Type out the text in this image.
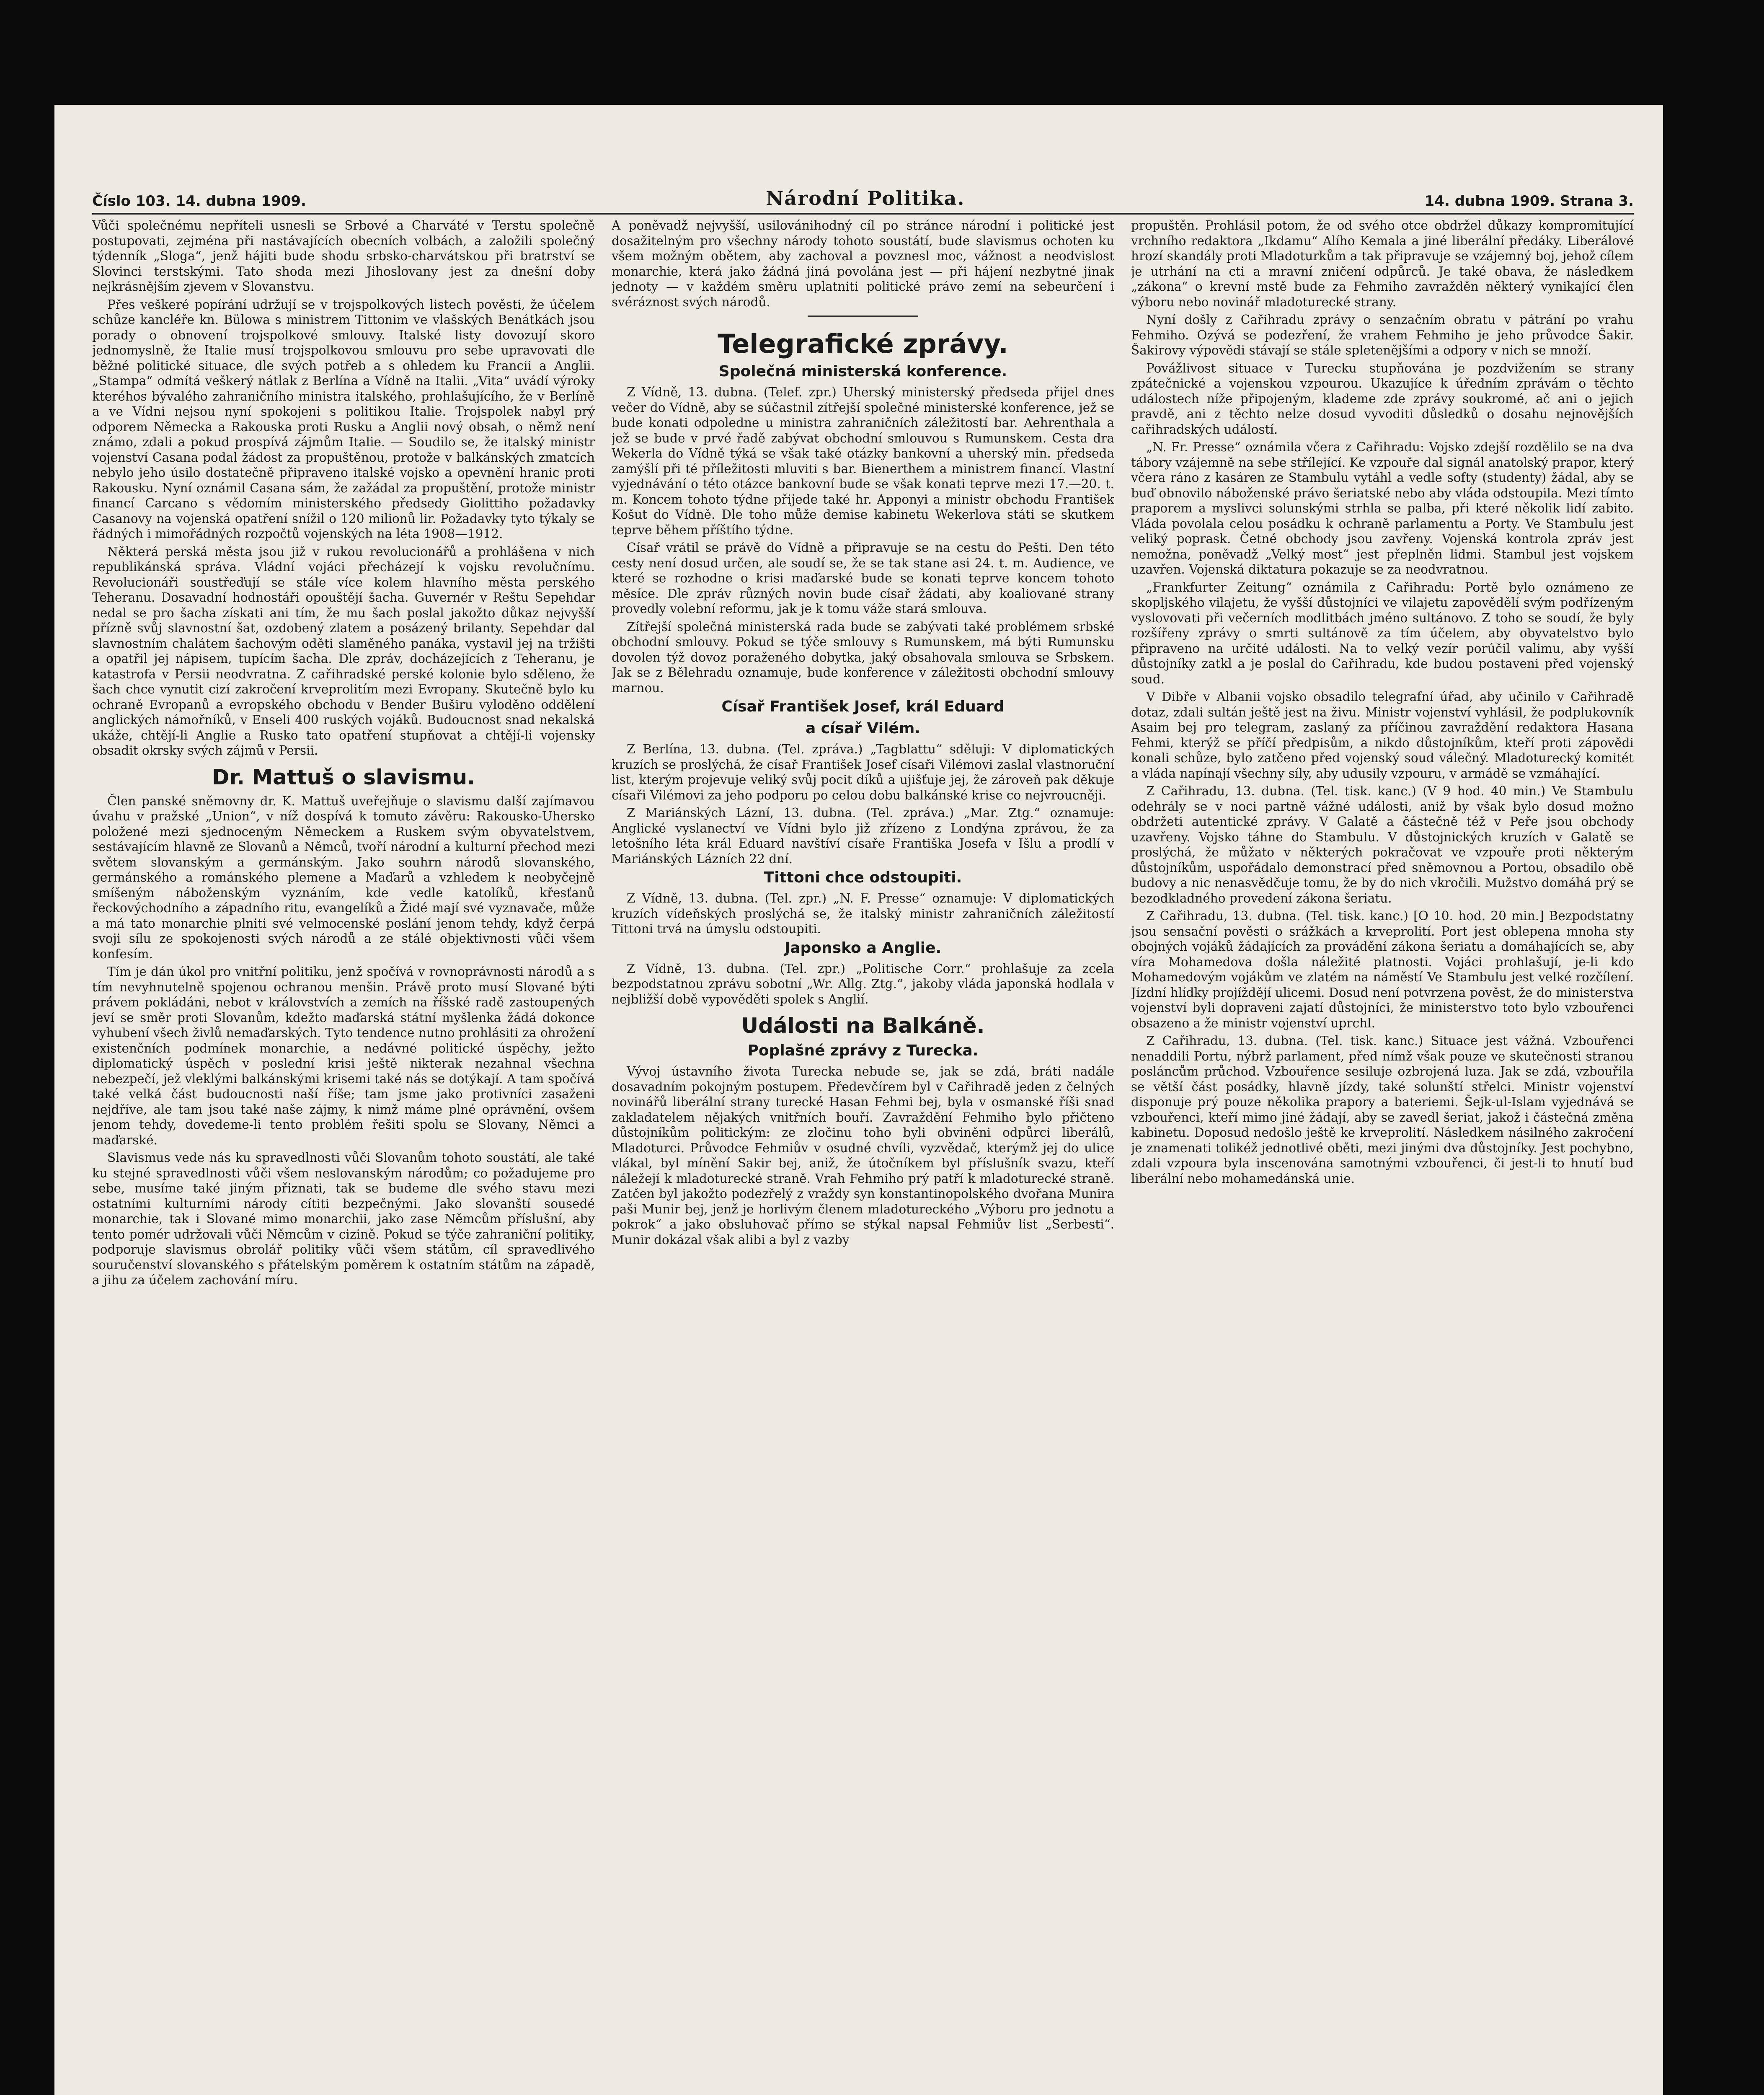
Číslo 103. 14. dubna 1909.	Národní Politika.	14. dubna 1909. Strana 3.

Vůči společnému nepříteli usnesli se Srbové a Charváté v Terstu společně postupovati, zejména při nastávajících obecních volbách, a založili společný týdenník „Sloga“, jenž hájiti bude shodu srbsko-charvátskou při bratrství se Slovinci terstskými. Tato shoda mezi Jihoslovany jest za dnešní doby nejkrásnějším zjevem v Slovanstvu.

Přes veškeré popírání udržují se v trojspolkových listech pověsti, že účelem schůze kancléře kn. Bülowa s ministrem Tittonim ve vlašských Benátkách jsou porady o obnovení trojspolkové smlouvy. Italské listy dovozují skoro jednomyslně, že Italie musí trojspolkovou smlouvu pro sebe upravovati dle běžné politické situace, dle svých potřeb a s ohledem ku Francii a Anglii. „Stampa“ odmítá veškerý nátlak z Berlína a Vídně na Italii. „Vita“ uvádí výroky kteréhos bývalého zahraničního ministra italského, prohlašujícího, že v Berlíně a ve Vídni nejsou nyní spokojeni s politikou Italie. Trojspolek nabyl prý odporem Německa a Rakouska proti Rusku a Anglii nový obsah, o němž není známo, zdali a pokud prospívá zájmům Italie. — Soudilo se, že italský ministr vojenství Casana podal žádost za propuštěnou, protože v balkánských zmatcích nebylo jeho úsilo dostatečně připraveno italské vojsko a opevnění hranic proti Rakousku. Nyní oznámil Casana sám, že zažádal za propuštění, protože ministr financí Carcano s vědomím ministerského předsedy Giolittiho požadavky Casanovy na vojenská opatření snížil o 120 milionů lir. Požadavky tyto týkaly se řádných i mimořádných rozpočtů vojenských na léta 1908—1912.

Některá perská města jsou již v rukou revolucionářů a prohlášena v nich republikánská správa. Vládní vojáci přecházejí k vojsku revolučnímu. Revolucionáři soustřeďují se stále více kolem hlavního města perského Teheranu. Dosavadní hodnostáři opouštějí šacha. Guvernér v Reštu Sepehdar nedal se pro šacha získati ani tím, že mu šach poslal jakožto důkaz nejvyšší přízně svůj slavnostní šat, ozdobený zlatem a posázený brilanty. Sepehdar dal slavnostním chalátem šachovým oděti slaměného panáka, vystavil jej na tržišti a opatřil jej nápisem, tupícím šacha. Dle zpráv, docházejících z Teheranu, je katastrofa v Persii neodvratna. Z cařihradské perské kolonie bylo sděleno, že šach chce vynutit cizí zakročení krveprolitím mezi Evropany. Skutečně bylo ku ochraně Evropanů a evropského obchodu v Bender Buširu vyloděno oddělení anglických námořníků, v Enseli 400 ruských vojáků. Budoucnost snad nekalská ukáže, chtějí-li Anglie a Rusko tato opatření stupňovat a chtějí-li vojensky obsadit okrsky svých zájmů v Persii.

Dr. Mattuš o slavismu.

Člen panské sněmovny dr. K. Mattuš uveřejňuje o slavismu další zajímavou úvahu v pražské „Union“, v níž dospívá k tomuto závěru: Rakousko-Uhersko položené mezi sjednoceným Německem a Ruskem svým obyvatelstvem, sestávajícím hlavně ze Slovanů a Němců, tvoří národní a kulturní přechod mezi světem slovanským a germánským. Jako souhrn národů slovanského, germánského a románského plemene a Maďarů a vzhledem k neobyčejně smíšeným náboženským vyznáním, kde vedle katolíků, křesťanů řeckovýchodního a západního ritu, evangelíků a Židé mají své vyznavače, může a má tato monarchie plniti své velmocenské poslání jenom tehdy, když čerpá svoji sílu ze spokojenosti svých národů a ze stálé objektivnosti vůči všem konfesím.

Tím je dán úkol pro vnitřní politiku, jenž spočívá v rovnoprávnosti národů a s tím nevyhnutelně spojenou ochranou menšin. Právě proto musí Slované býti právem pokládáni, nebot v královstvích a zemích na říšské radě zastoupených jeví se směr proti Slovanům, kdežto maďarská státní myšlenka žádá dokonce vyhubení všech živlů nemaďarských. Tyto tendence nutno prohlásiti za ohrožení existenčních podmínek monarchie, a nedávné politické úspěchy, ježto diplomatický úspěch v poslední krisi ještě nikterak nezahnal všechna nebezpečí, jež vleklými balkánskými krisemi také nás se dotýkají. A tam spočívá také velká část budoucnosti naší říše; tam jsme jako protivníci zasaženi nejdříve, ale tam jsou také naše zájmy, k nimž máme plné oprávnění, ovšem jenom tehdy, dovedeme-li tento problém řešiti spolu se Slovany, Němci a maďarské.

Slavismus vede nás ku spravedlnosti vůči Slovanům tohoto soustátí, ale také ku stejné spravedlnosti vůči všem neslovanským národům; co požadujeme pro sebe, musíme také jiným přiznati, tak se budeme dle svého stavu mezi ostatními kulturními národy cítiti bezpečnými. Jako slovanští sousedé monarchie, tak i Slované mimo monarchii, jako zase Němcům příslušní, aby tento pomér udržovali vůči Němcům v cizině. Pokud se týče zahraniční politiky, podporuje slavismus obrolář politiky vůči všem státům, cíl spravedlivého souručenství slovanského s přátelským poměrem k ostatním státům na západě, a jihu za účelem zachování míru.

A poněvadž nejvyšší, usilovánihodný cíl po stránce národní i politické jest dosažitelným pro všechny národy tohoto soustátí, bude slavismus ochoten ku všem možným obětem, aby zachoval a povznesl moc, vážnost a neodvislost monarchie, která jako žádná jiná povolána jest — při hájení nezbytné jinak jednoty — v každém směru uplatniti politické právo zemí na sebeurčení i svéráznost svých národů.

Telegrafické zprávy.
Společná ministerská konference.

Z Vídně, 13. dubna. (Telef. zpr.) Uherský ministerský předseda přijel dnes večer do Vídně, aby se súčastnil zítřejší společné ministerské konference, jež se bude konati odpoledne u ministra zahraničních záležitostí bar. Aehrenthala a jež se bude v prvé řadě zabývat obchodní smlouvou s Rumunskem. Cesta dra Wekerla do Vídně týká se však také otázky bankovní a uherský min. předseda zamýšlí při té příležitosti mluviti s bar. Bienerthem a ministrem financí. Vlastní vyjednávání o této otázce bankovní bude se však konati teprve mezi 17.—20. t. m. Koncem tohoto týdne přijede také hr. Apponyi a ministr obchodu František Košut do Vídně. Dle toho může demise kabinetu Wekerlova státi se skutkem teprve během příštího týdne.

Císař vrátil se právě do Vídně a připravuje se na cestu do Pešti. Den této cesty není dosud určen, ale soudí se, že se tak stane asi 24. t. m. Audience, ve které se rozhodne o krisi maďarské bude se konati teprve koncem tohoto měsíce. Dle zpráv různých novin bude císař žádati, aby koaliované strany provedly volební reformu, jak je k tomu váže stará smlouva.

Zítřejší společná ministerská rada bude se zabývati také problémem srbské obchodní smlouvy. Pokud se týče smlouvy s Rumunskem, má býti Rumunsku dovolen týž dovoz poraženého dobytka, jaký obsahovala smlouva se Srbskem. Jak se z Bělehradu oznamuje, bude konference v záležitosti obchodní smlouvy marnou.

Císař František Josef, král Eduard
a císař Vilém.

Z Berlína, 13. dubna. (Tel. zpráva.) „Tagblattu“ sděluji: V diplomatických kruzích se proslýchá, že císař František Josef císaři Vilémovi zaslal vlastnoruční list, kterým projevuje veliký svůj pocit díků a ujišťuje jej, že zároveň pak děkuje císaři Vilémovi za jeho podporu po celou dobu balkánské krise co nejvroucněji.

Z Mariánských Lázní, 13. dubna. (Tel. zpráva.) „Mar. Ztg.“ oznamuje: Anglické vyslanectví ve Vídni bylo již zřízeno z Londýna zprávou, že za letošního léta král Eduard navštíví císaře Františka Josefa v Išlu a prodlí v Mariánských Lázních 22 dní.

Tittoni chce odstoupiti.

Z Vídně, 13. dubna. (Tel. zpr.) „N. F. Presse“ oznamuje: V diplomatických kruzích vídeňských proslýchá se, že italský ministr zahraničních záležitostí Tittoni trvá na úmyslu odstoupiti.

Japonsko a Anglie.

Z Vídně, 13. dubna. (Tel. zpr.) „Politische Corr.“ prohlašuje za zcela bezpodstatnou zprávu sobotní „Wr. Allg. Ztg.“, jakoby vláda japonská hodlala v nejbližší době vypověděti spolek s Anglií.

Události na Balkáně.
Poplašné zprávy z Turecka.

Vývoj ústavního života Turecka nebude se, jak se zdá, bráti nadále dosavadním pokojným postupem. Předevčírem byl v Cařihradě jeden z čelných novinářů liberální strany turecké Hasan Fehmi bej, byla v osmanské říši snad zakladatelem nějakých vnitřních bouří. Zavraždění Fehmiho bylo přičteno důstojníkům politickým: ze zločinu toho byli obviněni odpůrci liberálů, Mladoturci. Průvodce Fehmiův v osudné chvíli, vyzvědač, kterýmž jej do ulice vlákal, byl mínění Sakir bej, aniž, že útočníkem byl příslušník svazu, kteří náležejí k mladoturecké straně. Vrah Fehmiho prý patří k mladoturecké straně. Zatčen byl jakožto podezřelý z vraždy syn konstantinopolského dvořana Munira paši Munir bej, jenž je horlivým členem mladotureckého „Výboru pro jednotu a pokrok“ a jako obsluhovač přímo se stýkal napsal Fehmiův list „Serbesti“. Munir dokázal však alibi a byl z vazby

propuštěn. Prohlásil potom, že od svého otce obdržel důkazy kompromitující vrchního redaktora „Ikdamu“ Alího Kemala a jiné liberální předáky. Liberálové hrozí skandály proti Mladoturkům a tak připravuje se vzájemný boj, jehož cílem je utrhání na cti a mravní zničení odpůrců. Je také obava, že následkem „zákona“ o krevní mstě bude za Fehmiho zavražděn některý vynikající člen výboru nebo novinář mladoturecké strany.

Nyní došly z Cařihradu zprávy o senzačním obratu v pátrání po vrahu Fehmiho. Ozývá se podezření, že vrahem Fehmiho je jeho průvodce Šakir. Šakirovy výpovědi stávají se stále spletenějšími a odpory v nich se množí.

Povážlivost situace v Turecku stupňována je pozdvižením se strany zpátečnické a vojenskou vzpourou. Ukazujíce k úředním zprávám o těchto událostech níže připojeným, klademe zde zprávy soukromé, ač ani o jejich pravdě, ani z těchto nelze dosud vyvoditi důsledků o dosahu nejnovějších cařihradských událostí.

„N. Fr. Presse“ oznámila včera z Cařihradu: Vojsko zdejší rozdělilo se na dva tábory vzájemně na sebe střílející. Ke vzpouře dal signál anatolský prapor, který včera ráno z kasáren ze Stambulu vytáhl a vedle softy (studenty) žádal, aby se buď obnovilo náboženské právo šeriatské nebo aby vláda odstoupila. Mezi tímto praporem a myslivci solunskými strhla se palba, při které několik lidí zabito. Vláda povolala celou posádku k ochraně parlamentu a Porty. Ve Stambulu jest veliký poprask. Četné obchody jsou zavřeny. Vojenská kontrola zpráv jest nemožna, poněvadž „Velký most“ jest přeplněn lidmi. Stambul jest vojskem uzavřen. Vojenská diktatura pokazuje se za neodvratnou.

„Frankfurter Zeitung“ oznámila z Cařihradu: Portě bylo oznámeno ze skopljského vilajetu, že vyšší důstojníci ve vilajetu zapovědělí svým podřízeným vyslovovati při večerních modlitbách jméno sultánovo. Z toho se soudí, že byly rozšířeny zprávy o smrti sultánově za tím účelem, aby obyvatelstvo bylo připraveno na určité události. Na to velký vezír porúčil valimu, aby vyšší důstojníky zatkl a je poslal do Cařihradu, kde budou postaveni před vojenský soud.

V Dibře v Albanii vojsko obsadilo telegrafní úřad, aby učinilo v Cařihradě dotaz, zdali sultán ještě jest na živu. Ministr vojenství vyhlásil, že podplukovník Asaim bej pro telegram, zaslaný za příčinou zavraždění redaktora Hasana Fehmi, kterýž se příčí předpisům, a nikdo důstojníkům, kteří proti zápovědi konali schůze, bylo zatčeno před vojenský soud válečný. Mladoturecký komitét a vláda napínají všechny síly, aby udusily vzpouru, v armádě se vzmáhající.

Z Cařihradu, 13. dubna. (Tel. tisk. kanc.) (V 9 hod. 40 min.) Ve Stambulu odehrály se v noci partně vážné události, aniž by však bylo dosud možno obdržeti autentické zprávy. V Galatě a částečně též v Peře jsou obchody uzavřeny. Vojsko táhne do Stambulu. V důstojnických kruzích v Galatě se proslýchá, že můžato v některých pokračovat ve vzpouře proti některým důstojníkům, uspořádalo demonstrací před sněmovnou a Portou, obsadilo obě budovy a nic nenasvědčuje tomu, že by do nich vkročili. Mužstvo domáhá prý se bezodkladného provedení zákona šeriatu.

Z Cařihradu, 13. dubna. (Tel. tisk. kanc.) [O 10. hod. 20 min.] Bezpodstatny jsou sensační pověsti o srážkách a krveprolití. Port jest oblepena mnoha sty obojných vojáků žádajících za provádění zákona šeriatu a domáhajících se, aby víra Mohamedova došla náležité platnosti. Vojáci prohlašují, je-li kdo Mohamedovým vojákům ve zlatém na náměstí Ve Stambulu jest velké rozčílení. Jízdní hlídky projíždějí ulicemi. Dosud není potvrzena pověst, že do ministerstva vojenství byli dopraveni zajatí důstojníci, že ministerstvo toto bylo vzbouřenci obsazeno a že ministr vojenství uprchl.

Z Cařihradu, 13. dubna. (Tel. tisk. kanc.) Situace jest vážná. Vzbouřenci nenaddili Portu, nýbrž parlament, před nímž však pouze ve skutečnosti stranou posláncům průchod. Vzbouřence sesiluje ozbrojená luza. Jak se zdá, vzbouřila se větší část posádky, hlavně jízdy, také solunští střelci. Ministr vojenství disponuje prý pouze několika prapory a bateriemi. Šejk-ul-Islam vyjednává se vzbouřenci, kteří mimo jiné žádají, aby se zavedl šeriat, jakož i částečná změna kabinetu. Doposud nedošlo ještě ke krveprolití. Následkem násilného zakročení je znamenati tolikéž jednotlivé oběti, mezi jinými dva důstojníky. Jest pochybno, zdali vzpoura byla inscenována samotnými vzbouřenci, či jest-li to hnutí bud liberální nebo mohamedánská unie.
